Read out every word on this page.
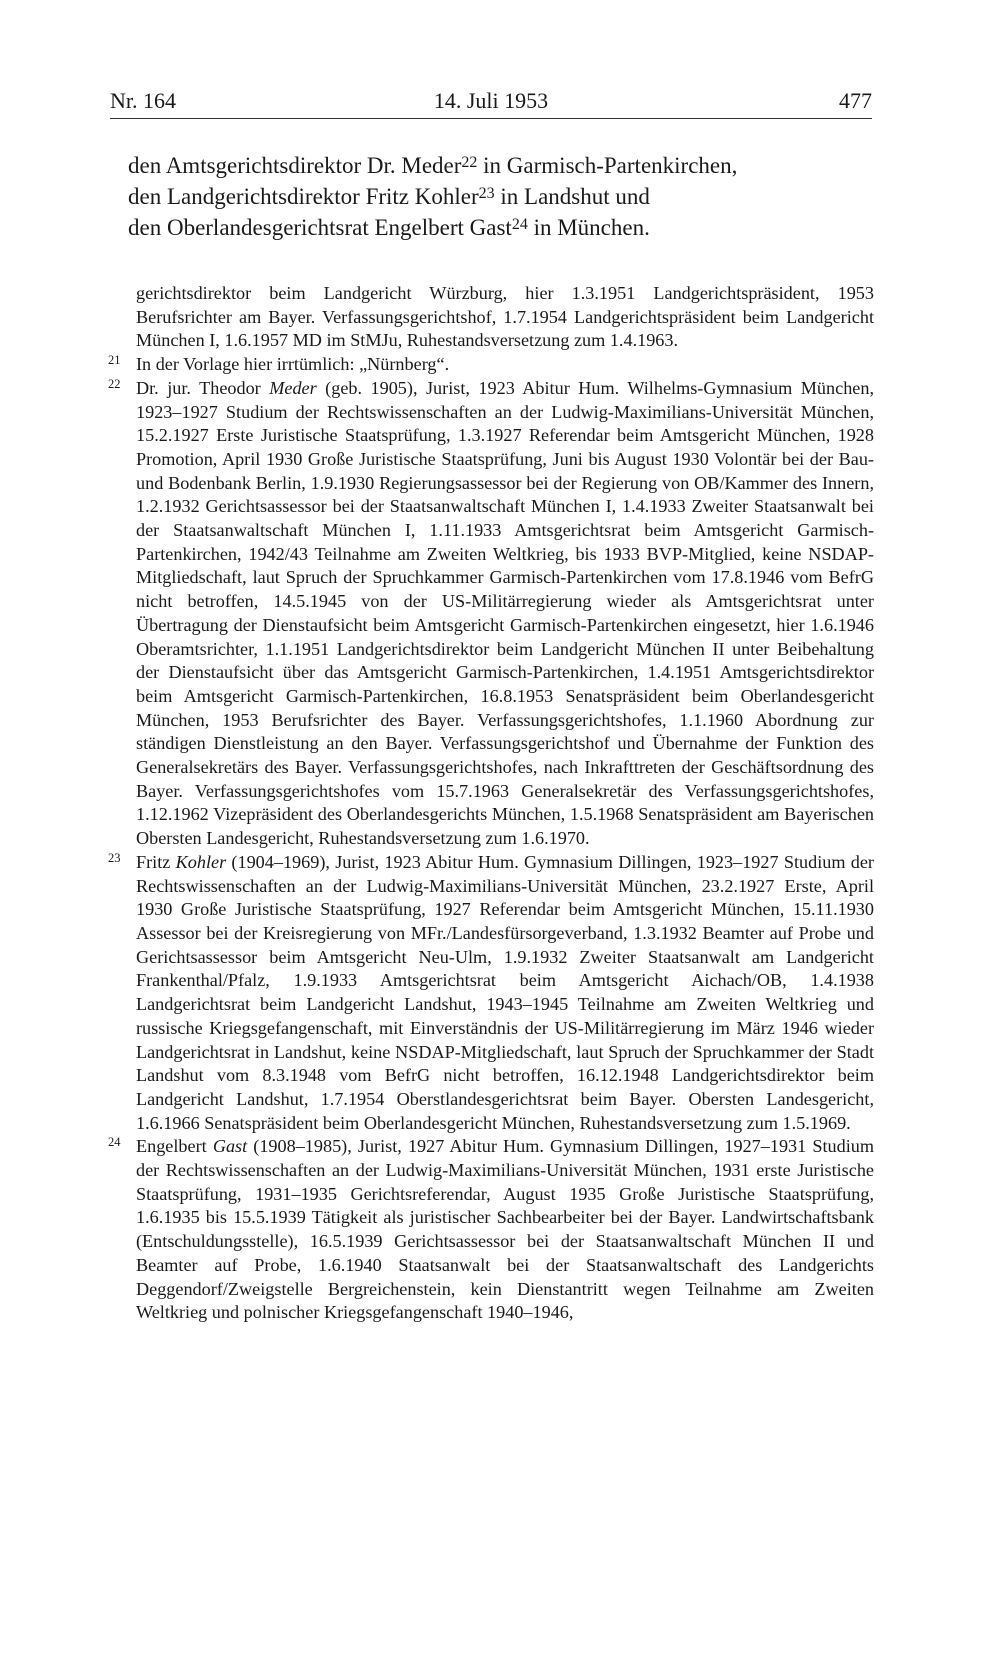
Nr. 164	14. Juli 1953	477
den Amtsgerichtsdirektor Dr. Meder$^{22}$ in Garmisch-Partenkirchen,
den Landgerichtsdirektor Fritz Kohler$^{23}$ in Landshut und
den Oberlandesgerichtsrat Engelbert Gast$^{24}$ in München.
gerichtsdirektor beim Landgericht Würzburg, hier 1.3.1951 Landgerichtspräsident, 1953 Berufsrichter am Bayer. Verfassungsgerichtshof, 1.7.1954 Landgerichtspräsident beim Landgericht München I, 1.6.1957 MD im StMJu, Ruhestandsversetzung zum 1.4.1963.
21 In der Vorlage hier irrtümlich: „Nürnberg“.
22 Dr. jur. Theodor Meder (geb. 1905), Jurist, 1923 Abitur Hum. Wilhelms-Gymnasium München, 1923–1927 Studium der Rechtswissenschaften an der Ludwig-Maximilians-Universität München, 15.2.1927 Erste Juristische Staatsprüfung, 1.3.1927 Referendar beim Amtsgericht München, 1928 Promotion, April 1930 Große Juristische Staatsprüfung, Juni bis August 1930 Volontär bei der Bau- und Bodenbank Berlin, 1.9.1930 Regierungsassessor bei der Regierung von OB/Kammer des Innern, 1.2.1932 Gerichtsassessor bei der Staatsanwaltschaft München I, 1.4.1933 Zweiter Staatsanwalt bei der Staatsanwaltschaft München I, 1.11.1933 Amtsgerichtsrat beim Amtsgericht Garmisch-Partenkirchen, 1942/43 Teilnahme am Zweiten Weltkrieg, bis 1933 BVP-Mitglied, keine NSDAP-Mitgliedschaft, laut Spruch der Spruchkammer Garmisch-Partenkirchen vom 17.8.1946 vom BefrG nicht betroffen, 14.5.1945 von der US-Militärregierung wieder als Amtsgerichtsrat unter Übertragung der Dienstaufsicht beim Amtsgericht Garmisch-Partenkirchen eingesetzt, hier 1.6.1946 Oberamtsrichter, 1.1.1951 Landgerichtsdirektor beim Landgericht München II unter Beibehaltung der Dienstaufsicht über das Amtsgericht Garmisch-Partenkirchen, 1.4.1951 Amtsgerichtsdirektor beim Amtsgericht Garmisch-Partenkirchen, 16.8.1953 Senatspräsident beim Oberlandesgericht München, 1953 Berufsrichter des Bayer. Verfassungsgerichtshofes, 1.1.1960 Abordnung zur ständigen Dienstleistung an den Bayer. Verfassungsgerichtshof und Übernahme der Funktion des Generalsekretärs des Bayer. Verfassungsgerichtshofes, nach Inkrafttreten der Geschäftsordnung des Bayer. Verfassungsgerichtshofes vom 15.7.1963 Generalsekretär des Verfassungsgerichtshofes, 1.12.1962 Vizepräsident des Oberlandesgerichts München, 1.5.1968 Senatspräsident am Bayerischen Obersten Landesgericht, Ruhestandsversetzung zum 1.6.1970.
23 Fritz Kohler (1904–1969), Jurist, 1923 Abitur Hum. Gymnasium Dillingen, 1923–1927 Studium der Rechtswissenschaften an der Ludwig-Maximilians-Universität München, 23.2.1927 Erste, April 1930 Große Juristische Staatsprüfung, 1927 Referendar beim Amtsgericht München, 15.11.1930 Assessor bei der Kreisregierung von MFr./Landesfürsorgeverband, 1.3.1932 Beamter auf Probe und Gerichtsassessor beim Amtsgericht Neu-Ulm, 1.9.1932 Zweiter Staatsanwalt am Landgericht Frankenthal/Pfalz, 1.9.1933 Amtsgerichtsrat beim Amtsgericht Aichach/OB, 1.4.1938 Landgerichtsrat beim Landgericht Landshut, 1943–1945 Teilnahme am Zweiten Weltkrieg und russische Kriegsgefangenschaft, mit Einverständnis der US-Militärregierung im März 1946 wieder Landgerichtsrat in Landshut, keine NSDAP-Mitgliedschaft, laut Spruch der Spruchkammer der Stadt Landshut vom 8.3.1948 vom BefrG nicht betroffen, 16.12.1948 Landgerichtsdirektor beim Landgericht Landshut, 1.7.1954 Oberstlandesgerichtsrat beim Bayer. Obersten Landesgericht, 1.6.1966 Senatspräsident beim Oberlandesgericht München, Ruhestandsversetzung zum 1.5.1969.
24 Engelbert Gast (1908–1985), Jurist, 1927 Abitur Hum. Gymnasium Dillingen, 1927–1931 Studium der Rechtswissenschaften an der Ludwig-Maximilians-Universität München, 1931 erste Juristische Staatsprüfung, 1931–1935 Gerichtsreferendar, August 1935 Große Juristische Staatsprüfung, 1.6.1935 bis 15.5.1939 Tätigkeit als juristischer Sachbearbeiter bei der Bayer. Landwirtschaftsbank (Entschuldungsstelle), 16.5.1939 Gerichtsassessor bei der Staatsanwaltschaft München II und Beamter auf Probe, 1.6.1940 Staatsanwalt bei der Staatsanwaltschaft des Landgerichts Deggendorf/Zweigstelle Bergreichenstein, kein Dienstantritt wegen Teilnahme am Zweiten Weltkrieg und polnischer Kriegsgefangenschaft 1940–1946,
